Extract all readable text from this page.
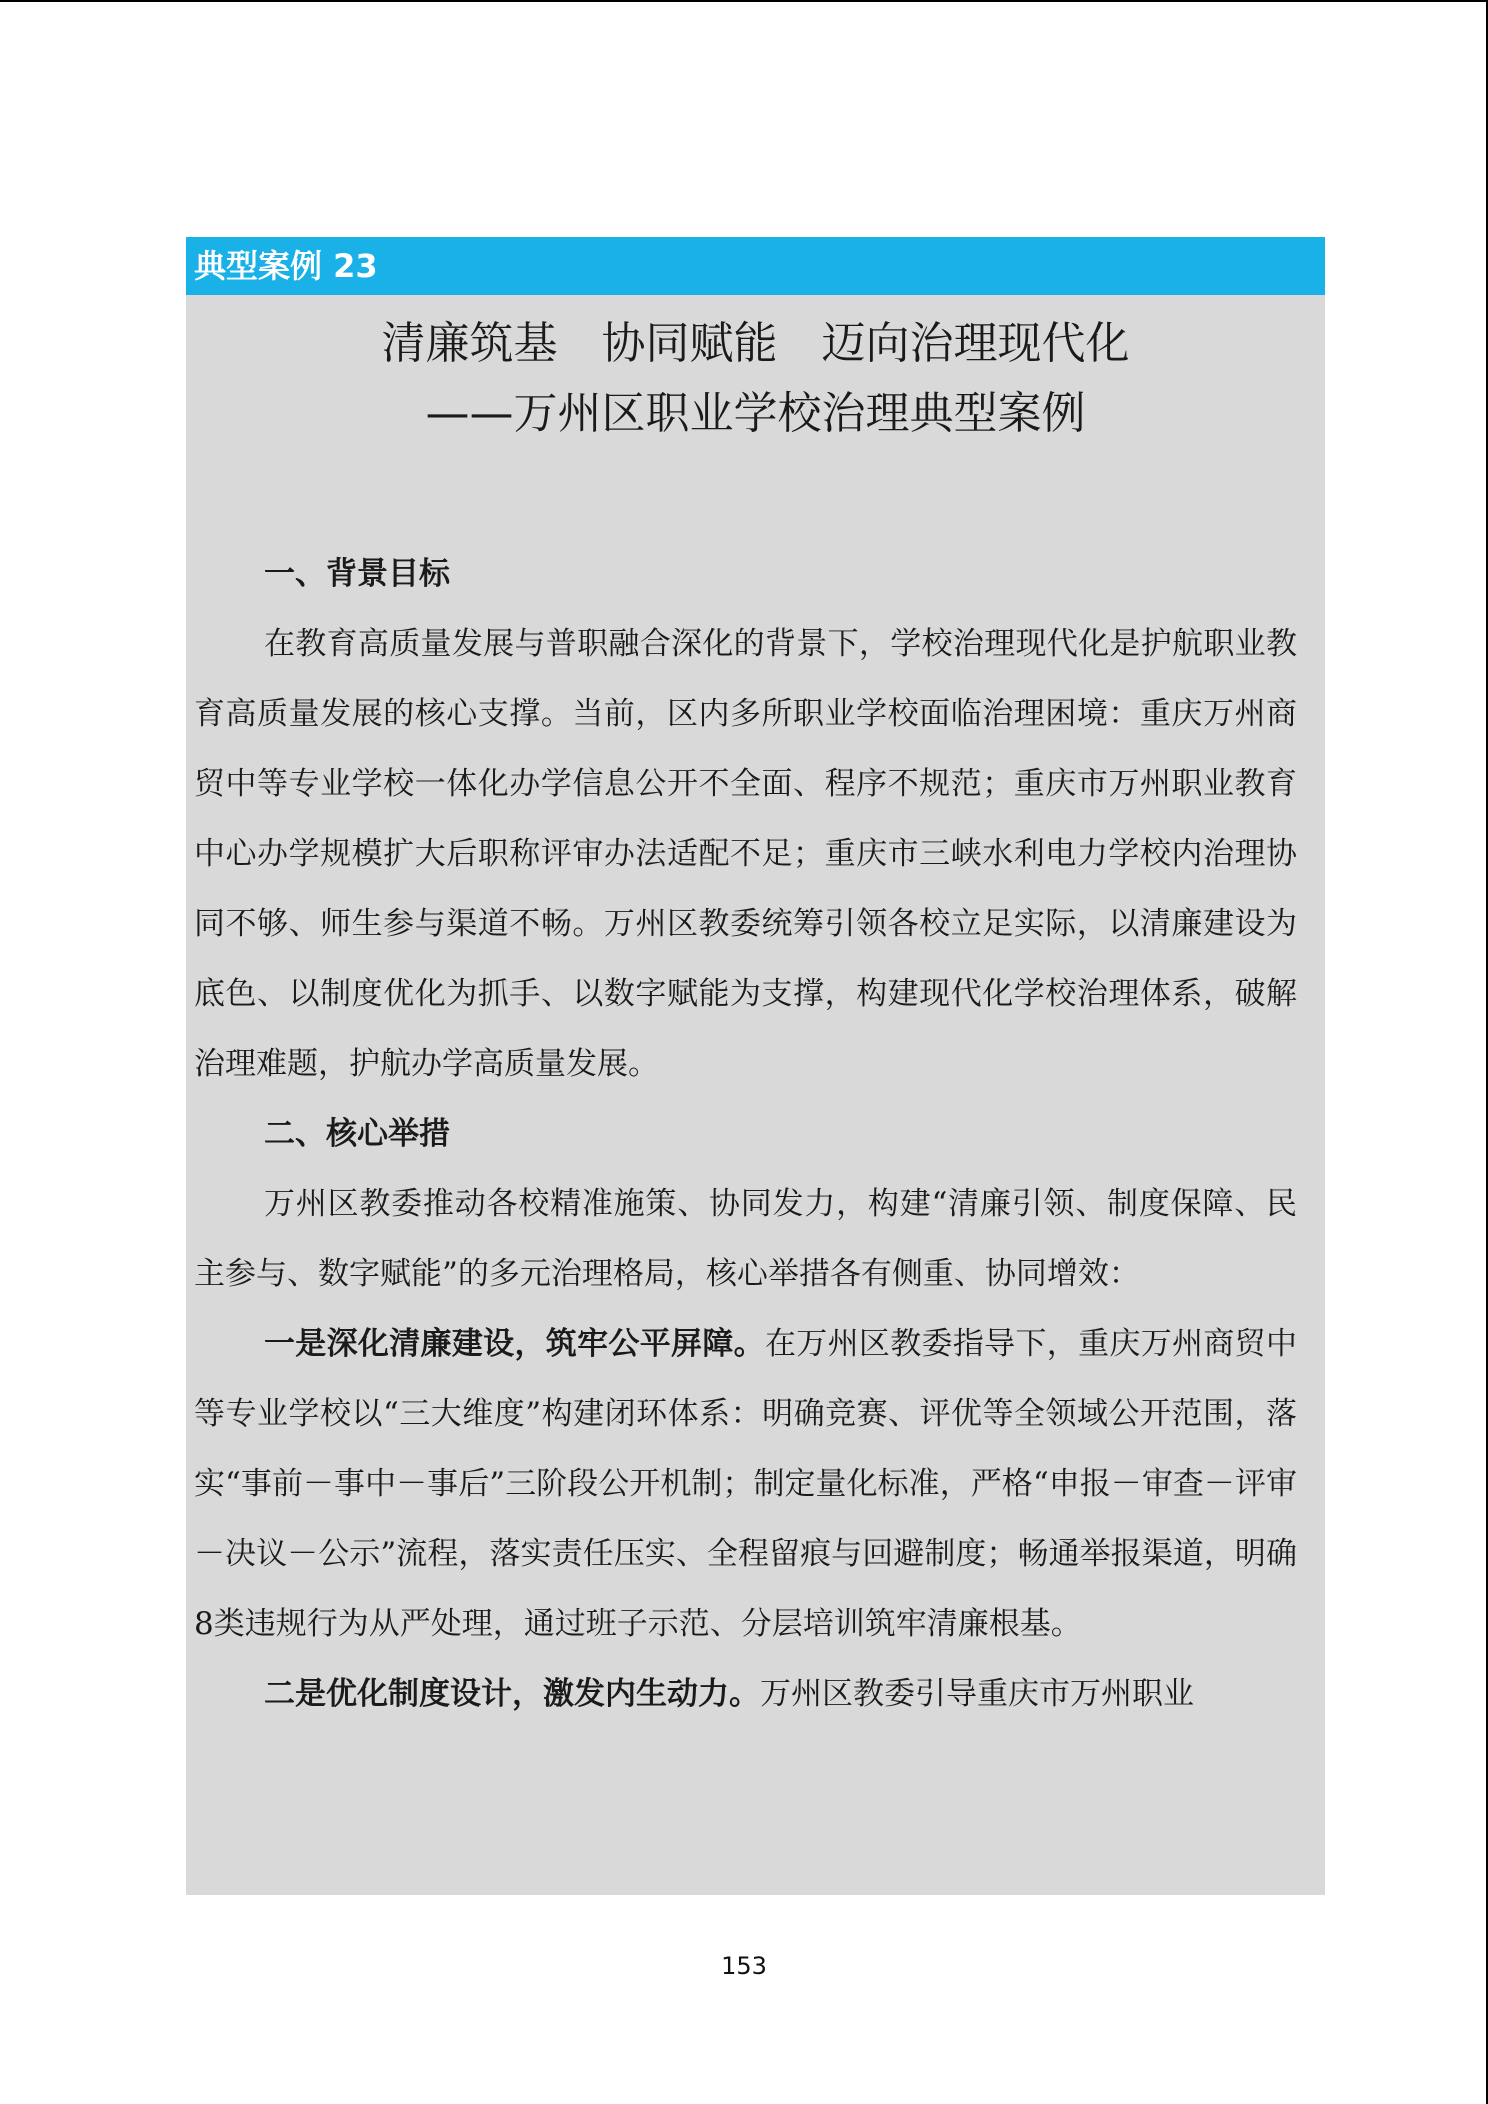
典型案例 23
清廉筑基　协同赋能　迈向治理现代化
——万州区职业学校治理典型案例
一、背景目标

在教育高质量发展与普职融合深化的背景下，学校治理现代化是护航职业教育高质量发展的核心支撑。当前，区内多所职业学校面临治理困境：重庆万州商贸中等专业学校一体化办学信息公开不全面、程序不规范；重庆市万州职业教育中心办学规模扩大后职称评审办法适配不足；重庆市三峡水利电力学校内治理协同不够、师生参与渠道不畅。万州区教委统筹引领各校立足实际，以清廉建设为底色、以制度优化为抓手、以数字赋能为支撑，构建现代化学校治理体系，破解治理难题，护航办学高质量发展。

二、核心举措

万州区教委推动各校精准施策、协同发力，构建“清廉引领、制度保障、民主参与、数字赋能”的多元治理格局，核心举措各有侧重、协同增效：

一是深化清廉建设，筑牢公平屏障。在万州区教委指导下，重庆万州商贸中等专业学校以“三大维度”构建闭环体系：明确竞赛、评优等全领域公开范围，落实“事前－事中－事后”三阶段公开机制；制定量化标准，严格“申报－审查－评审－决议－公示”流程，落实责任压实、全程留痕与回避制度；畅通举报渠道，明确 8类违规行为从严处理，通过班子示范、分层培训筑牢清廉根基。

二是优化制度设计，激发内生动力。万州区教委引导重庆市万州职业

153
